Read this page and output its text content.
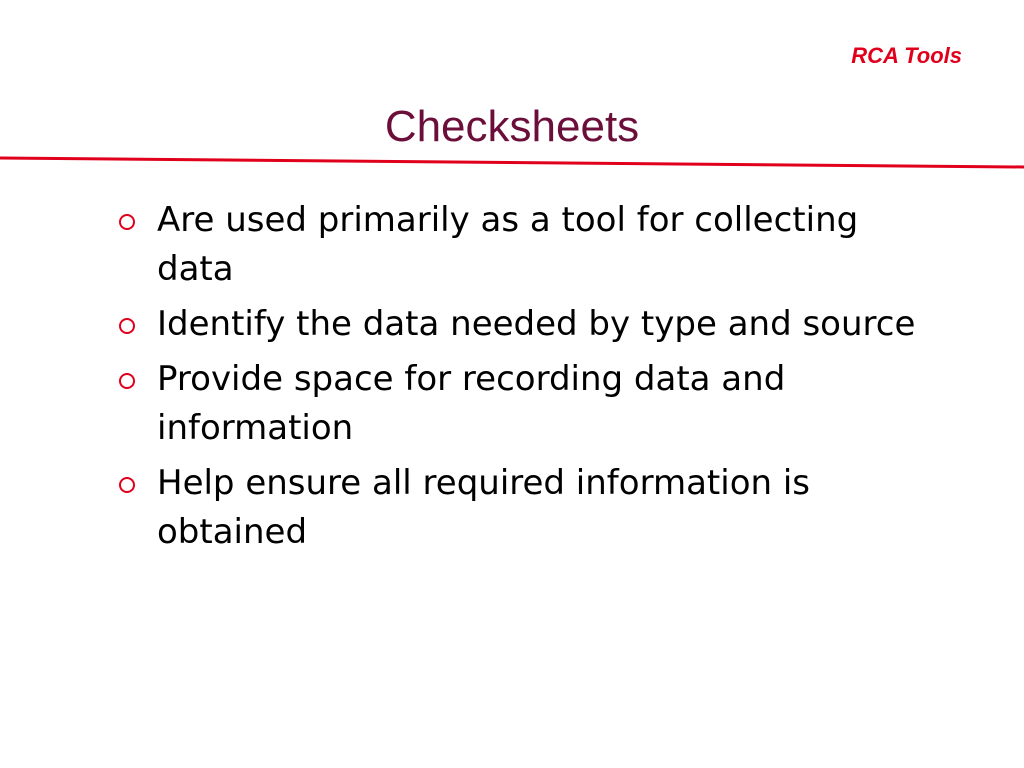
RCA Tools
Checksheets
Are used primarily as a tool for collecting data
Identify the data needed by type and source
Provide space for recording data and information
Help ensure all required information is obtained
